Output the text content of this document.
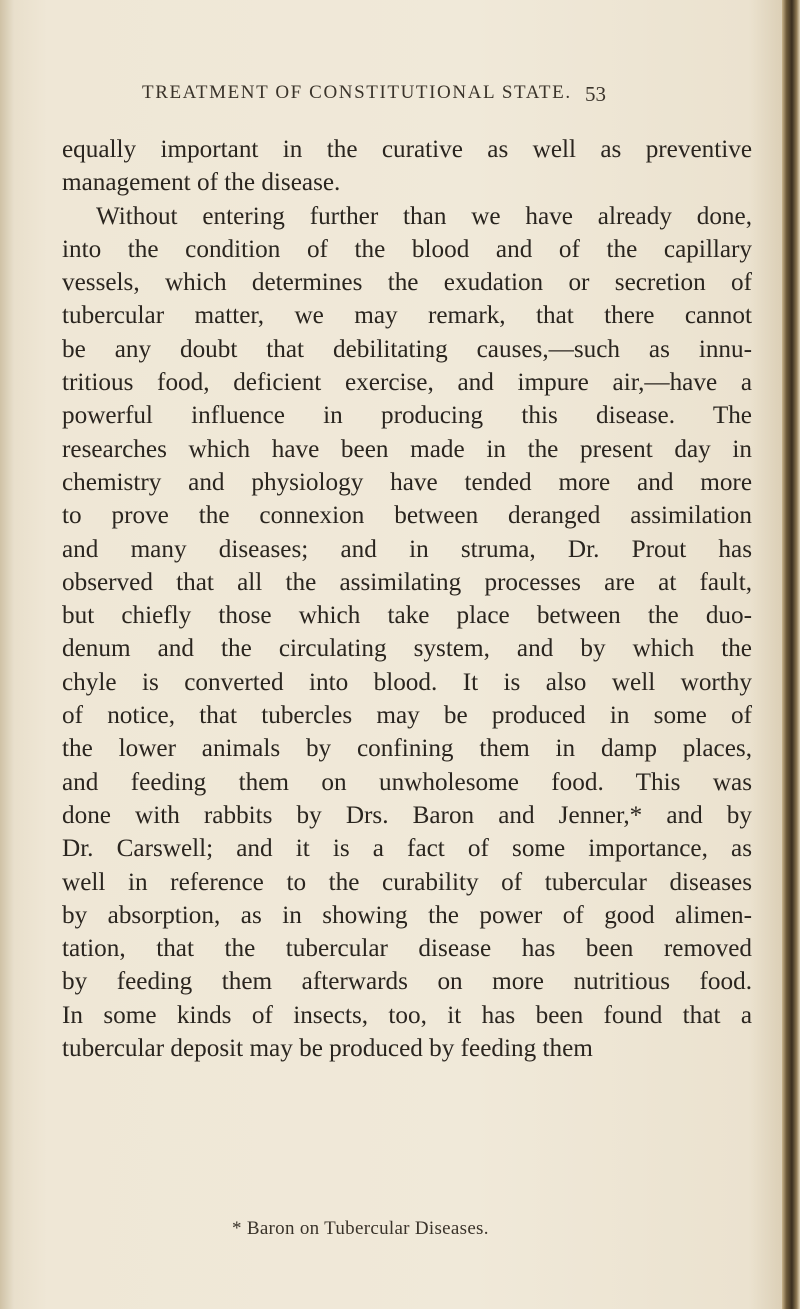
TREATMENT OF CONSTITUTIONAL STATE. 53
equally important in the curative as well as preventive
management of the disease.
Without entering further than we have already done,
into the condition of the blood and of the capillary
vessels, which determines the exudation or secretion of
tubercular matter, we may remark, that there cannot
be any doubt that debilitating causes,—such as innu-
tritious food, deficient exercise, and impure air,—have a
powerful influence in producing this disease. The
researches which have been made in the present day in
chemistry and physiology have tended more and more
to prove the connexion between deranged assimilation
and many diseases; and in struma, Dr. Prout has
observed that all the assimilating processes are at fault,
but chiefly those which take place between the duo-
denum and the circulating system, and by which the
chyle is converted into blood. It is also well worthy
of notice, that tubercles may be produced in some of
the lower animals by confining them in damp places,
and feeding them on unwholesome food. This was
done with rabbits by Drs. Baron and Jenner,* and by
Dr. Carswell; and it is a fact of some importance, as
well in reference to the curability of tubercular diseases
by absorption, as in showing the power of good alimen-
tation, that the tubercular disease has been removed
by feeding them afterwards on more nutritious food.
In some kinds of insects, too, it has been found that a
tubercular deposit may be produced by feeding them
* Baron on Tubercular Diseases.
